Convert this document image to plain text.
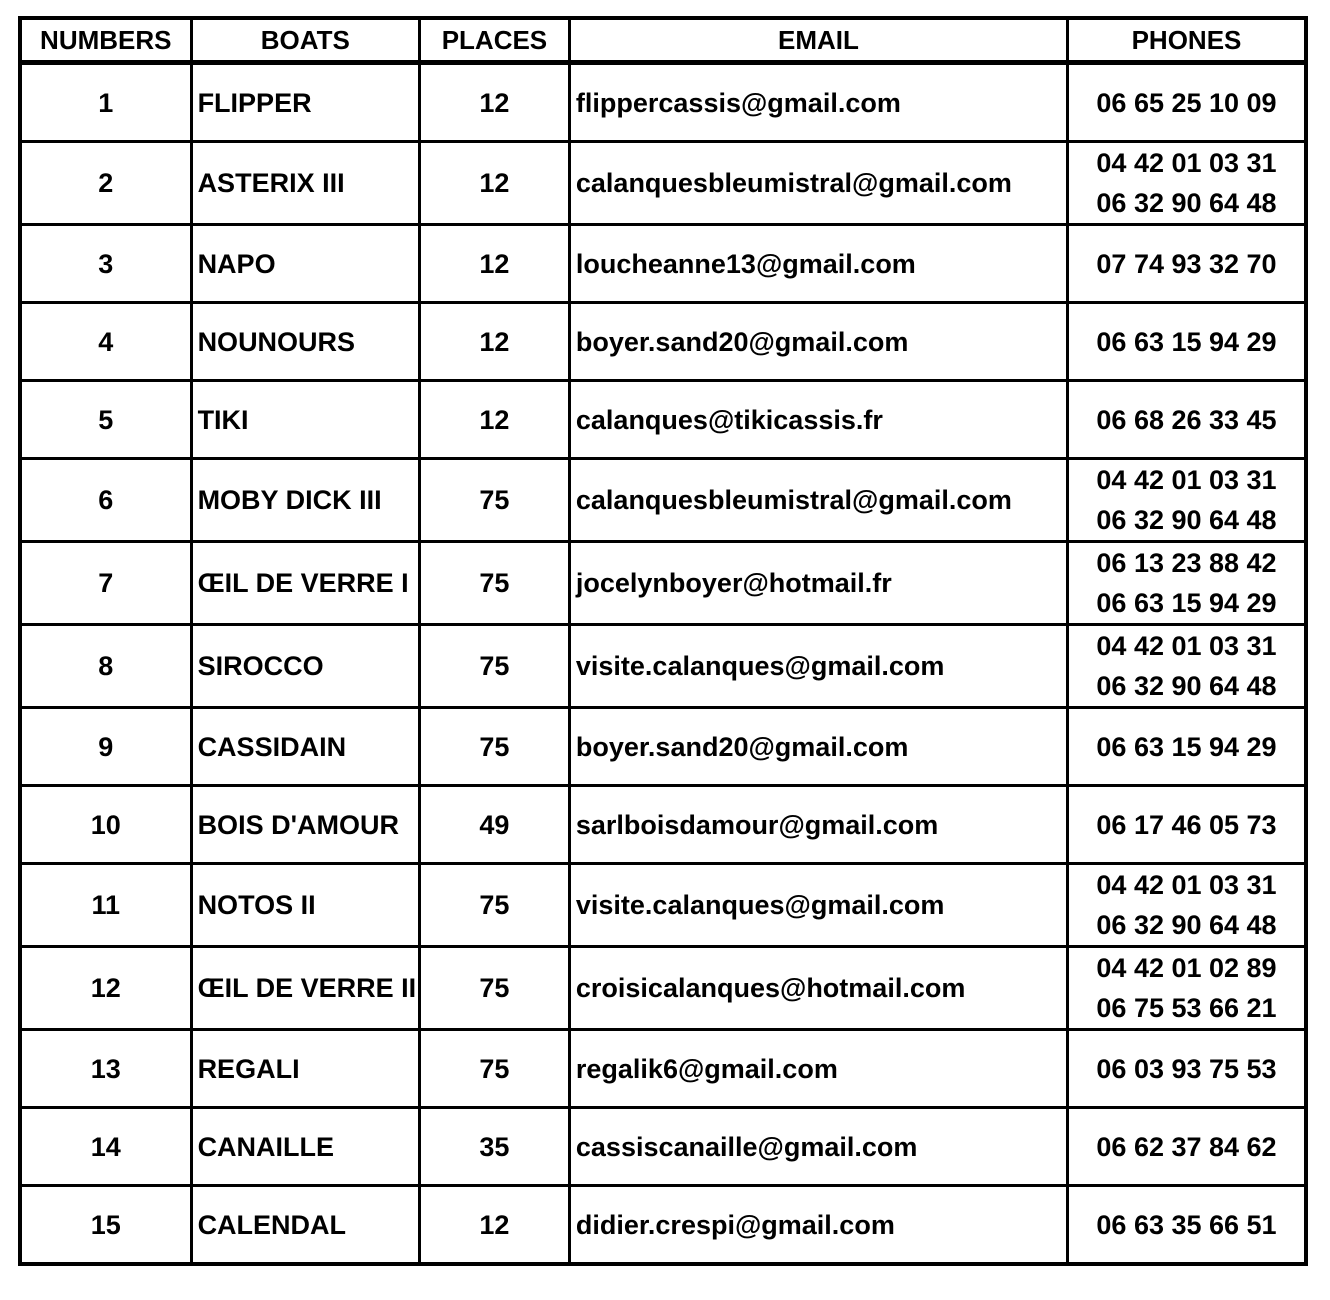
NUMBERS	BOATS	PLACES	EMAIL	PHONES
1	FLIPPER	12	flippercassis@gmail.com	06 65 25 10 09

2	ASTERIX III	12	calanquesbleumistral@gmail.com	04 42 01 03 31
06 32 90 64 48

3	NAPO	12	loucheanne13@gmail.com	07 74 93 32 70

4	NOUNOURS	12	boyer.sand20@gmail.com	06 63 15 94 29

5	TIKI	12	calanques@tikicassis.fr	06 68 26 33 45

6	MOBY DICK III	75	calanquesbleumistral@gmail.com	04 42 01 03 31
06 32 90 64 48

7	ŒIL DE VERRE I	75	jocelynboyer@hotmail.fr	06 13 23 88 42
06 63 15 94 29

8	SIROCCO	75	visite.calanques@gmail.com	04 42 01 03 31
06 32 90 64 48

9	CASSIDAIN	75	boyer.sand20@gmail.com	06 63 15 94 29

10	BOIS D'AMOUR	49	sarlboisdamour@gmail.com	06 17 46 05 73

11	NOTOS II	75	visite.calanques@gmail.com	04 42 01 03 31
06 32 90 64 48

12	ŒIL DE VERRE II	75	croisicalanques@hotmail.com	04 42 01 02 89
06 75 53 66 21

13	REGALI	75	regalik6@gmail.com	06 03 93 75 53

14	CANAILLE	35	cassiscanaille@gmail.com	06 62 37 84 62

15	CALENDAL	12	didier.crespi@gmail.com	06 63 35 66 51
